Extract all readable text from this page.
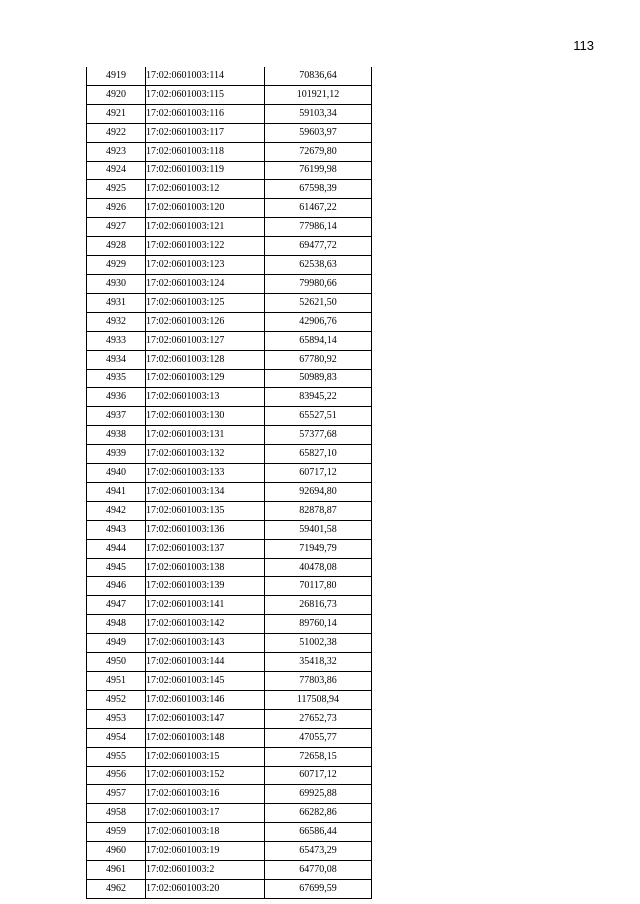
113
4919	17:02:0601003:114	70836,64
4920	17:02:0601003:115	101921,12
4921	17:02:0601003:116	59103,34
4922	17:02:0601003:117	59603,97
4923	17:02:0601003:118	72679,80
4924	17:02:0601003:119	76199,98
4925	17:02:0601003:12	67598,39
4926	17:02:0601003:120	61467,22
4927	17:02:0601003:121	77986,14
4928	17:02:0601003:122	69477,72
4929	17:02:0601003:123	62538,63
4930	17:02:0601003:124	79980,66
4931	17:02:0601003:125	52621,50
4932	17:02:0601003:126	42906,76
4933	17:02:0601003:127	65894,14
4934	17:02:0601003:128	67780,92
4935	17:02:0601003:129	50989,83
4936	17:02:0601003:13	83945,22
4937	17:02:0601003:130	65527,51
4938	17:02:0601003:131	57377,68
4939	17:02:0601003:132	65827,10
4940	17:02:0601003:133	60717,12
4941	17:02:0601003:134	92694,80
4942	17:02:0601003:135	82878,87
4943	17:02:0601003:136	59401,58
4944	17:02:0601003:137	71949,79
4945	17:02:0601003:138	40478,08
4946	17:02:0601003:139	70117,80
4947	17:02:0601003:141	26816,73
4948	17:02:0601003:142	89760,14
4949	17:02:0601003:143	51002,38
4950	17:02:0601003:144	35418,32
4951	17:02:0601003:145	77803,86
4952	17:02:0601003:146	117508,94
4953	17:02:0601003:147	27652,73
4954	17:02:0601003:148	47055,77
4955	17:02:0601003:15	72658,15
4956	17:02:0601003:152	60717,12
4957	17:02:0601003:16	69925,88
4958	17:02:0601003:17	66282,86
4959	17:02:0601003:18	66586,44
4960	17:02:0601003:19	65473,29
4961	17:02:0601003:2	64770,08
4962	17:02:0601003:20	67699,59
